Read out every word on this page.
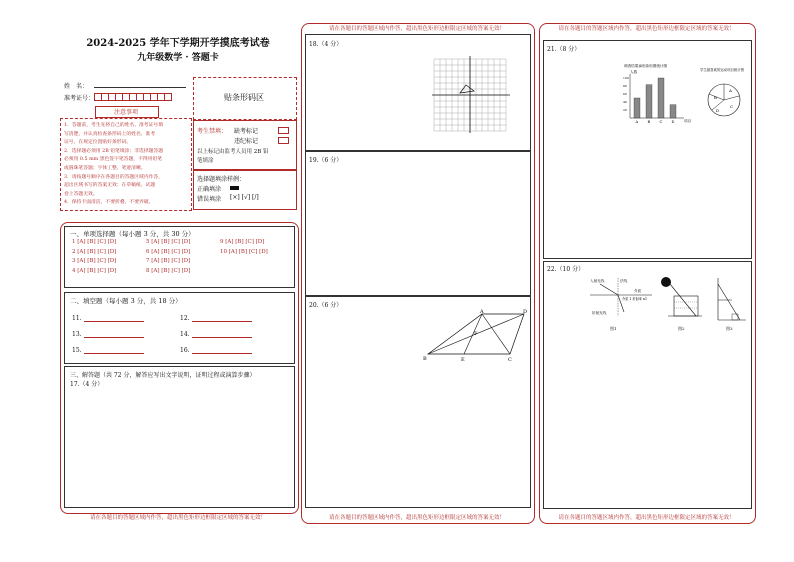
2024-2025 学年下学期开学摸底考试卷
九年级数学 · 答题卡
姓　名：
准考证号：	贴条形码区
注意事项
1．答题前，考生先将自己的姓名、准考证号填
写清楚，并认真检查条形码上的姓名、准考
证号，在规定位置贴好条形码。
2．选择题必须用 2B 铅笔填涂；非选择题答题
必须用 0.5 mm 黑色签字笔答题，不得用铅笔
或圆珠笔答题；字体工整、笔迹清晰。
3．请按题号顺序在各题目的答题区域内作答，
超出区域书写的答案无效；在草稿纸、试题
卷上答题无效。
4．保持卡面清洁，不要折叠、不要弄破。
考生禁填： 缺考标记
违纪标记
以上标记由监考人员用 2B 铅
笔填涂
选择题填涂样例：
正确填涂
错误填涂 [×] [√] [/]
一、单项选择题（每小题 3 分，共 30 分）
1 [A] [B] [C] [D]
2 [A] [B] [C] [D]
3 [A] [B] [C] [D]
4 [A] [B] [C] [D]
5 [A] [B] [C] [D]
6 [A] [B] [C] [D]
7 [A] [B] [C] [D]
8 [A] [B] [C] [D]
9 [A] [B] [C] [D]
10 [A] [B] [C] [D]
二、填空题（每小题 3 分，共 18 分）
11.	12.
13.	14.
15.	16.
三、解答题（共 72 分，解答应写出文字说明，证明过程或演算步骤）
17.（4 分）
请在各题目的答题区域内作答，超出黑色矩形边框限定区域的答案无效！
请在各题目的答题区域内作答，超出黑色矩形边框限定区域的答案无效！
18.（4 分）
19.（6 分）
20.（6 分）
A
B	C
D
E
F
请在各题目的答题区域内作答，超出黑色矩形边框限定区域的答案无效！
请在各题目的答题区域内作答，超出黑色矩形边框限定区域的答案无效！
21.（8 分）
调查结果扇形条形图统计图
人数
项目
A	B	C	D
100
80
60
40
20
学生最喜欢的运动项目统计图
A
B
C
D
22.（10 分）
入射光线	法线
介质
介质 1 折射率 n1
折射光线
图1	图2	图3
请在各题目的答题区域内作答，超出黑色矩形边框限定区域的答案无效！
